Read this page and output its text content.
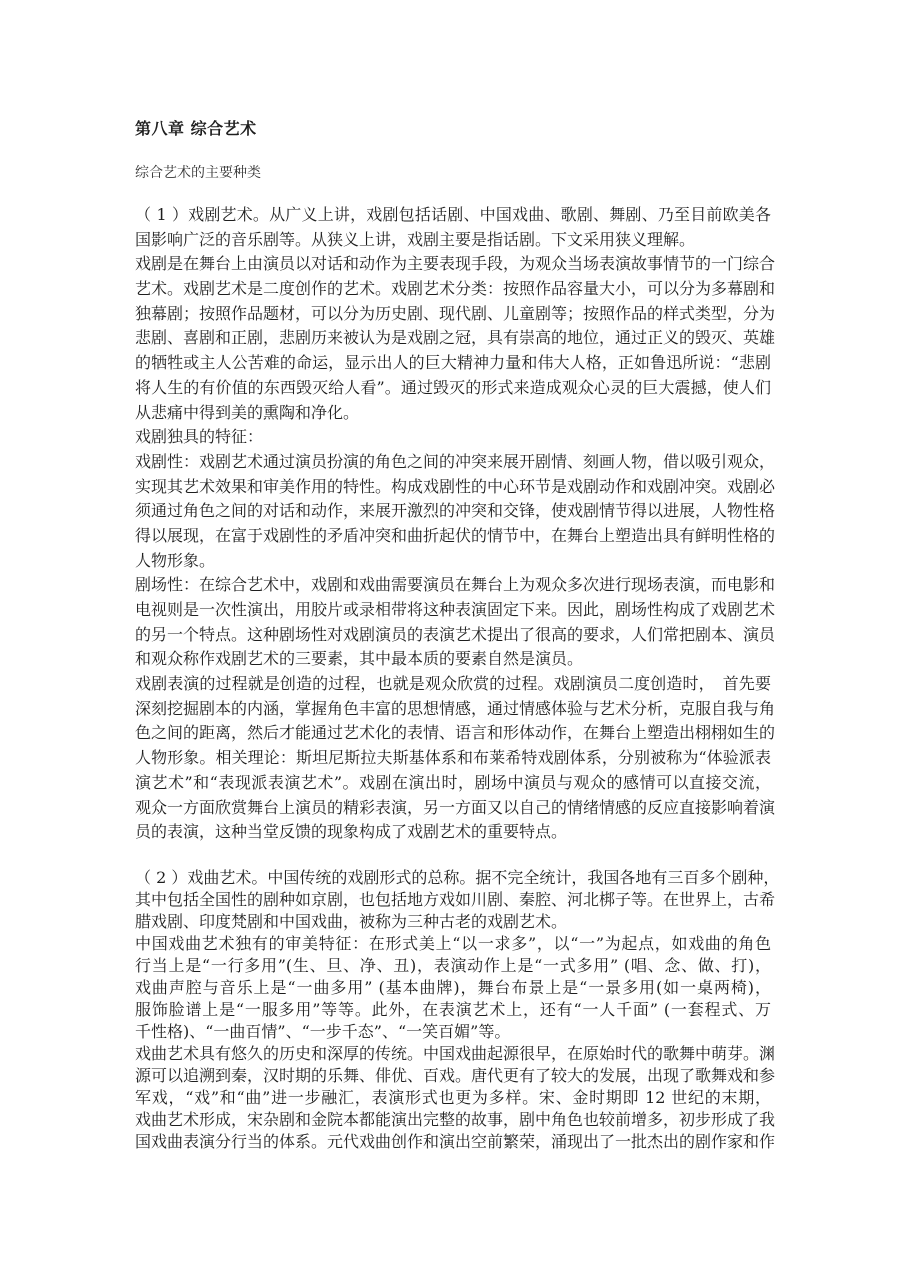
第八章 综合艺术
综合艺术的主要种类
（ 1 ）戏剧艺术。从广义上讲，戏剧包括话剧、中国戏曲、歌剧、舞剧、乃至目前欧美各
国影响广泛的音乐剧等。从狭义上讲，戏剧主要是指话剧。下文采用狭义理解。
戏剧是在舞台上由演员以对话和动作为主要表现手段，为观众当场表演故事情节的一门综合
艺术。戏剧艺术是二度创作的艺术。戏剧艺术分类：按照作品容量大小，可以分为多幕剧和
独幕剧；按照作品题材，可以分为历史剧、现代剧、儿童剧等；按照作品的样式类型，分为
悲剧、喜剧和正剧，悲剧历来被认为是戏剧之冠，具有崇高的地位，通过正义的毁灭、英雄
的牺牲或主人公苦难的命运，显示出人的巨大精神力量和伟大人格，正如鲁迅所说：“悲剧
将人生的有价值的东西毁灭给人看”。通过毁灭的形式来造成观众心灵的巨大震撼，使人们
从悲痛中得到美的熏陶和净化。
戏剧独具的特征：
戏剧性：戏剧艺术通过演员扮演的角色之间的冲突来展开剧情、刻画人物，借以吸引观众，
实现其艺术效果和审美作用的特性。构成戏剧性的中心环节是戏剧动作和戏剧冲突。戏剧必
须通过角色之间的对话和动作，来展开激烈的冲突和交锋，使戏剧情节得以进展，人物性格
得以展现，在富于戏剧性的矛盾冲突和曲折起伏的情节中，在舞台上塑造出具有鲜明性格的
人物形象。
剧场性：在综合艺术中，戏剧和戏曲需要演员在舞台上为观众多次进行现场表演，而电影和
电视则是一次性演出，用胶片或录相带将这种表演固定下来。因此，剧场性构成了戏剧艺术
的另一个特点。这种剧场性对戏剧演员的表演艺术提出了很高的要求，人们常把剧本、演员
和观众称作戏剧艺术的三要素，其中最本质的要素自然是演员。
戏剧表演的过程就是创造的过程，也就是观众欣赏的过程。戏剧演员二度创造时，　首先要
深刻挖掘剧本的内涵，掌握角色丰富的思想情感，通过情感体验与艺术分析，克服自我与角
色之间的距离，然后才能通过艺术化的表情、语言和形体动作，在舞台上塑造出栩栩如生的
人物形象。相关理论：斯坦尼斯拉夫斯基体系和布莱希特戏剧体系，分别被称为“体验派表
演艺术”和“表现派表演艺术”。戏剧在演出时，剧场中演员与观众的感情可以直接交流，
观众一方面欣赏舞台上演员的精彩表演，另一方面又以自己的情绪情感的反应直接影响着演
员的表演，这种当堂反馈的现象构成了戏剧艺术的重要特点。
（ 2 ）戏曲艺术。中国传统的戏剧形式的总称。据不完全统计，我国各地有三百多个剧种，
其中包括全国性的剧种如京剧，也包括地方戏如川剧、秦腔、河北梆子等。在世界上，古希
腊戏剧、印度梵剧和中国戏曲，被称为三种古老的戏剧艺术。
中国戏曲艺术独有的审美特征：在形式美上“以一求多”，以“一”为起点，如戏曲的角色
行当上是“一行多用”(生、旦、净、丑)，表演动作上是“一式多用” (唱、念、做、打)，
戏曲声腔与音乐上是“一曲多用” (基本曲牌)，舞台布景上是“一景多用(如一桌两椅)，
服饰脸谱上是“一服多用”等等。此外，在表演艺术上，还有“一人千面” (一套程式、万
千性格)、“一曲百情”、“一步千态”、“一笑百媚”等。
戏曲艺术具有悠久的历史和深厚的传统。中国戏曲起源很早，在原始时代的歌舞中萌芽。渊
源可以追溯到秦，汉时期的乐舞、俳优、百戏。唐代更有了较大的发展，出现了歌舞戏和参
军戏，“戏”和“曲”进一步融汇，表演形式也更为多样。宋、金时期即 12 世纪的末期，
戏曲艺术形成，宋杂剧和金院本都能演出完整的故事，剧中角色也较前增多，初步形成了我
国戏曲表演分行当的体系。元代戏曲创作和演出空前繁荣，涌现出了一批杰出的剧作家和作
